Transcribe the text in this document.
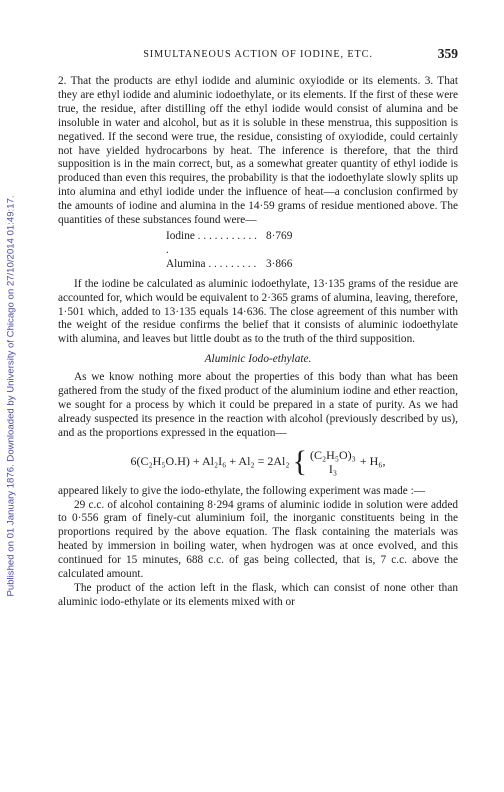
Published on 01 January 1876. Downloaded by University of Chicago on 27/10/2014 01:49:17.
SIMULTANEOUS ACTION OF IODINE, ETC.	359

2. That the products are ethyl iodide and aluminic oxyiodide or its elements. 3. That they are ethyl iodide and aluminic iodoethylate, or its elements. If the first of these were true, the residue, after distilling off the ethyl iodide would consist of alumina and be insoluble in water and alcohol, but as it is soluble in these menstrua, this supposition is negatived. If the second were true, the residue, consisting of oxyiodide, could certainly not have yielded hydrocarbons by heat. The inference is therefore, that the third supposition is in the main correct, but, as a somewhat greater quantity of ethyl iodide is produced than even this requires, the probability is that the iodoethylate slowly splits up into alumina and ethyl iodide under the influence of heat—a conclusion confirmed by the amounts of iodine and alumina in the 14·59 grams of residue mentioned above. The quantities of these substances found were—

Iodine . . . . . . . . . . . .
8·769
Alumina . . . . . . . . . 3·866

If the iodine be calculated as aluminic iodoethylate, 13·135 grams of the residue are accounted for, which would be equivalent to 2·365 grams of alumina, leaving, therefore, 1·501 which, added to 13·135 equals 14·636. The close agreement of this number with the weight of the residue confirms the belief that it consists of aluminic iodoethylate with alumina, and leaves but little doubt as to the truth of the third supposition.

Aluminic Iodo-ethylate.

As we know nothing more about the properties of this body than what has been gathered from the study of the fixed product of the aluminium iodine and ether reaction, we sought for a process by which it could be prepared in a state of purity. As we had already suspected its presence in the reaction with alcohol (previously described by us), and as the proportions expressed in the equation—

6(C₂H₅O.H) + Al₂I₆ + Al₂ = 2Al₂ { (C₂H₅O)₃
I₃
+ H₆,

appeared likely to give the iodo-ethylate, the following experiment was made :—

29 c.c. of alcohol containing 8·294 grams of aluminic iodide in solution were added to 0·556 gram of finely-cut aluminium foil, the inorganic constituents being in the proportions required by the above equation. The flask containing the materials was heated by immersion in boiling water, when hydrogen was at once evolved, and this continued for 15 minutes, 688 c.c. of gas being collected, that is, 7 c.c. above the calculated amount.

The product of the action left in the flask, which can consist of none other than aluminic iodo-ethylate or its elements mixed with or
